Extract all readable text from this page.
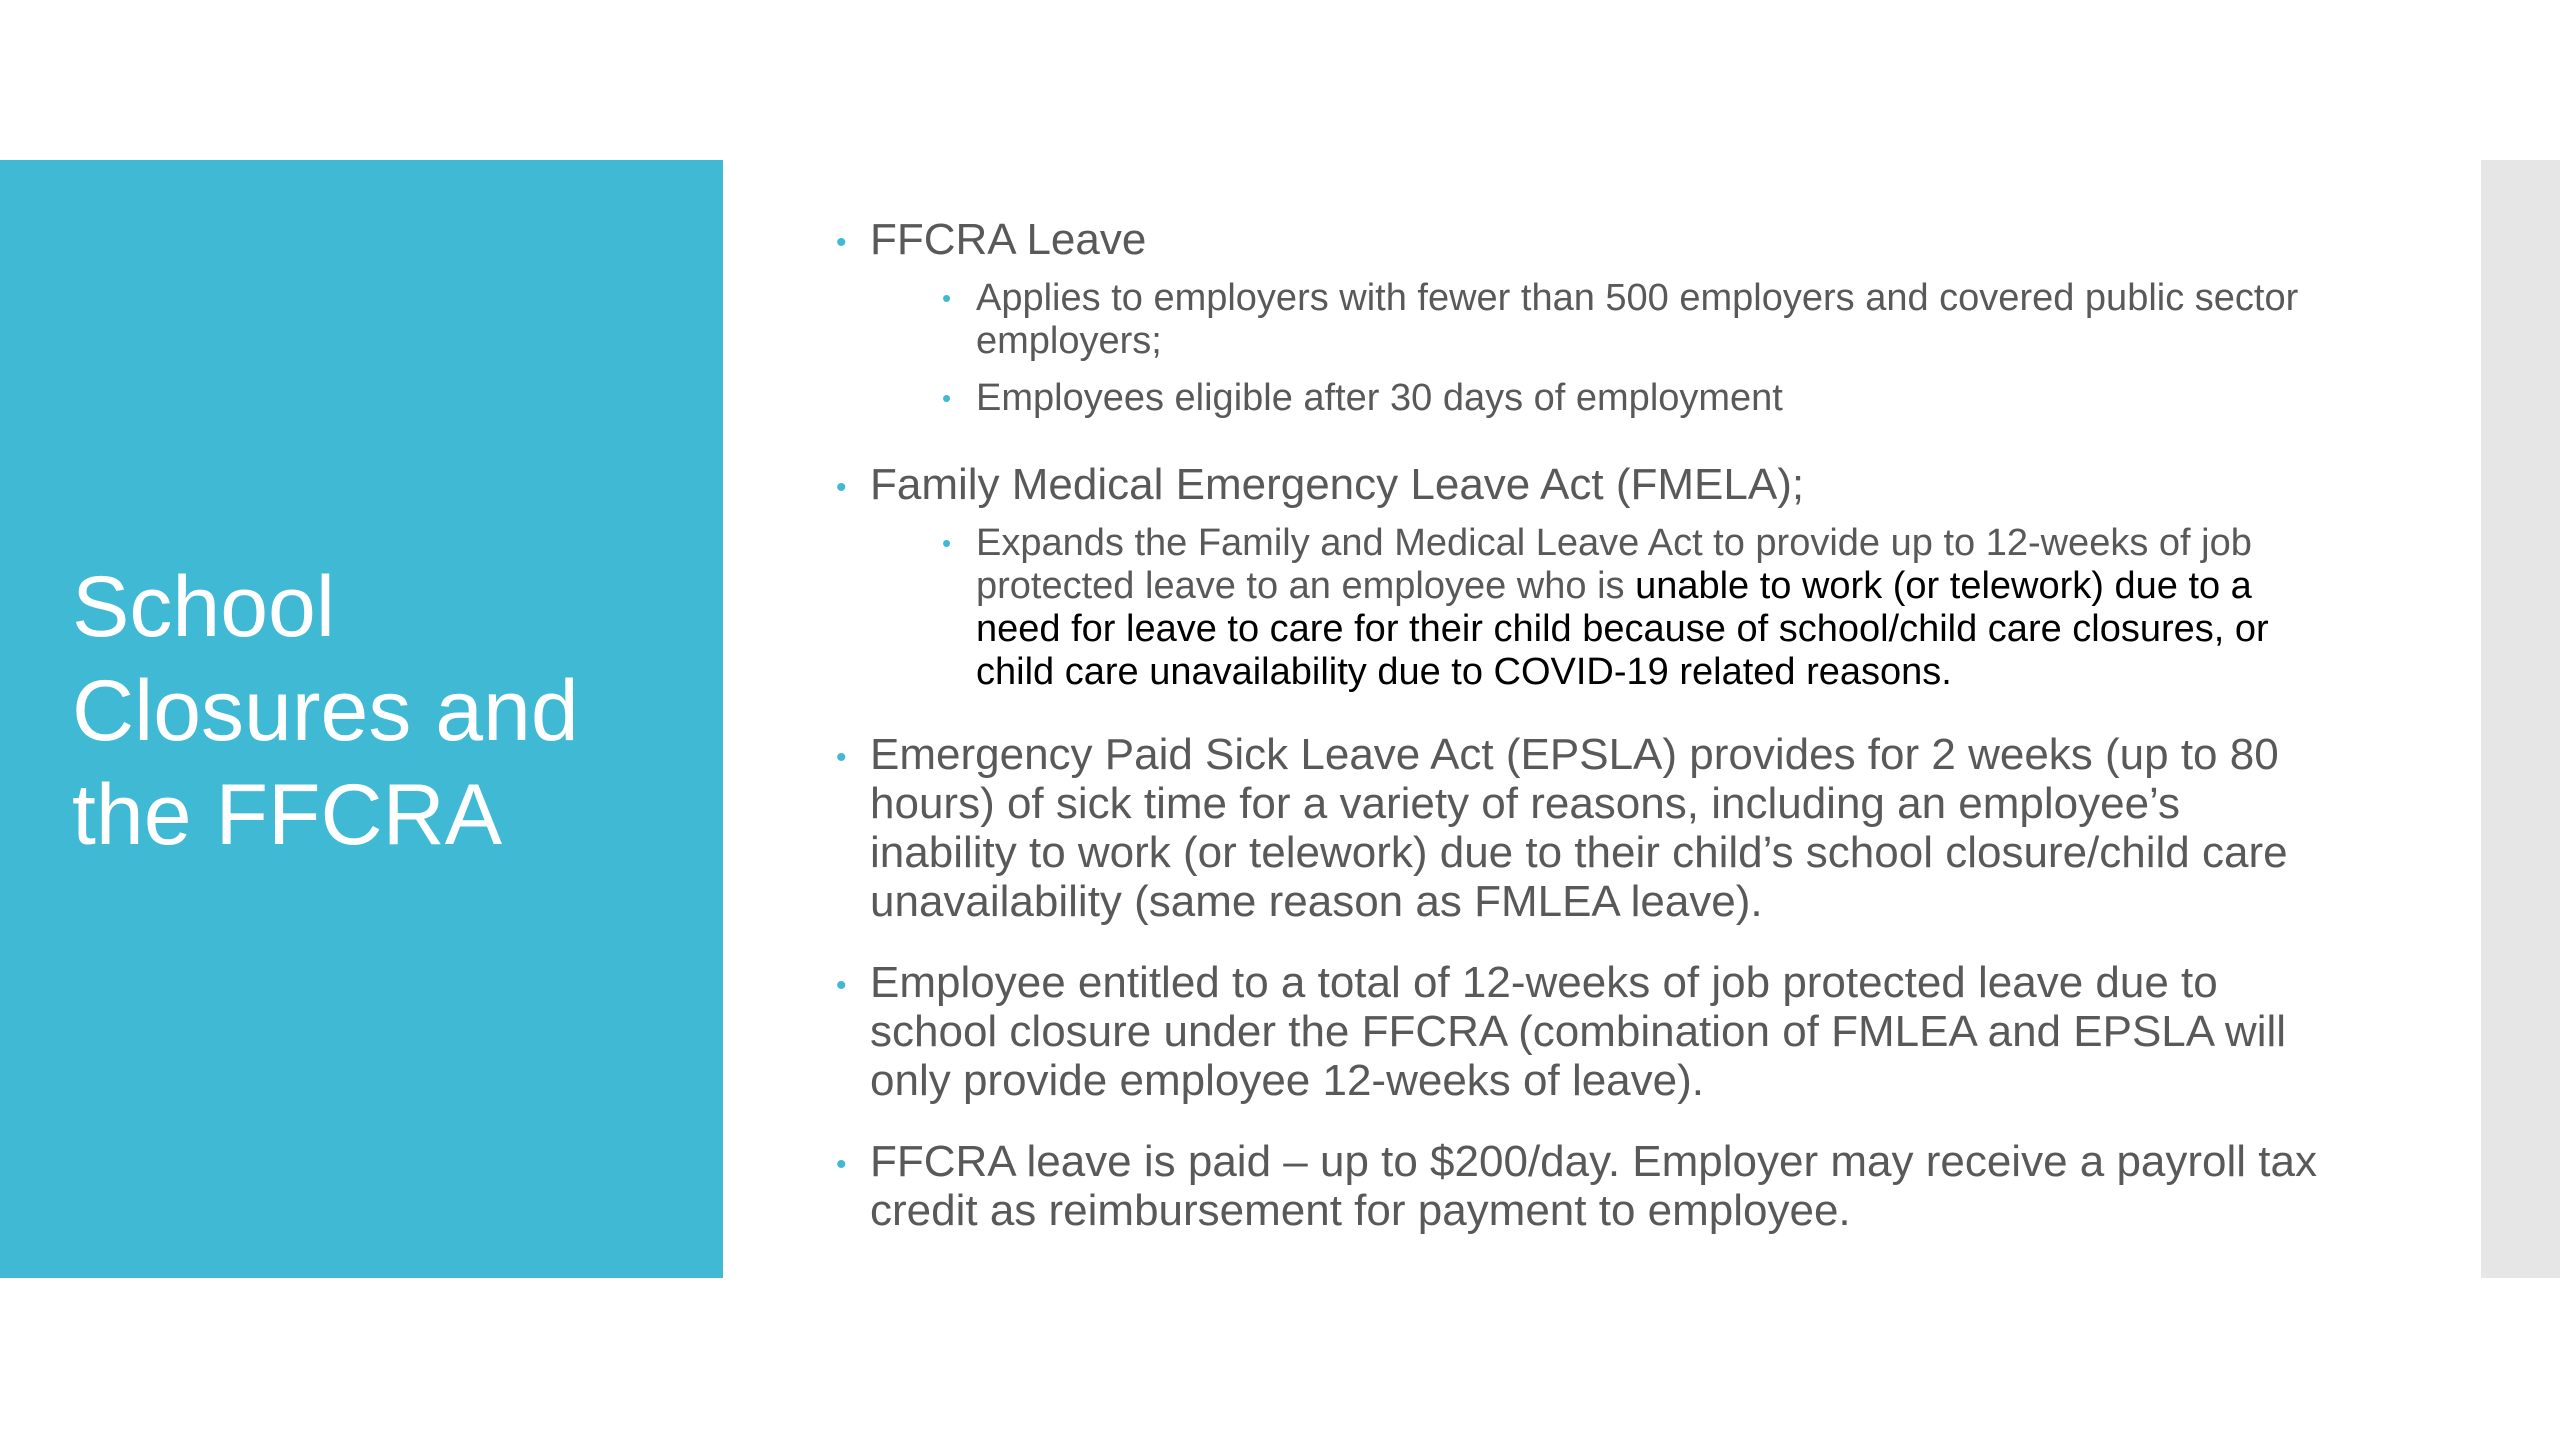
School
Closures and
the FFCRA
• FFCRA Leave
• Applies to employers with fewer than 500 employers and covered public sector employers;
• Employees eligible after 30 days of employment
• Family Medical Emergency Leave Act (FMELA);
• Expands the Family and Medical Leave Act to provide up to 12-weeks of job protected leave to an employee who is unable to work (or telework) due to a need for leave to care for their child because of school/child care closures, or child care unavailability due to COVID-19 related reasons.
• Emergency Paid Sick Leave Act (EPSLA) provides for 2 weeks (up to 80 hours) of sick time for a variety of reasons, including an employee’s inability to work (or telework) due to their child’s school closure/child care unavailability (same reason as FMLEA leave).
• Employee entitled to a total of 12-weeks of job protected leave due to school closure under the FFCRA (combination of FMLEA and EPSLA will only provide employee 12-weeks of leave).
• FFCRA leave is paid – up to $200/day. Employer may receive a payroll tax credit as reimbursement for payment to employee.
